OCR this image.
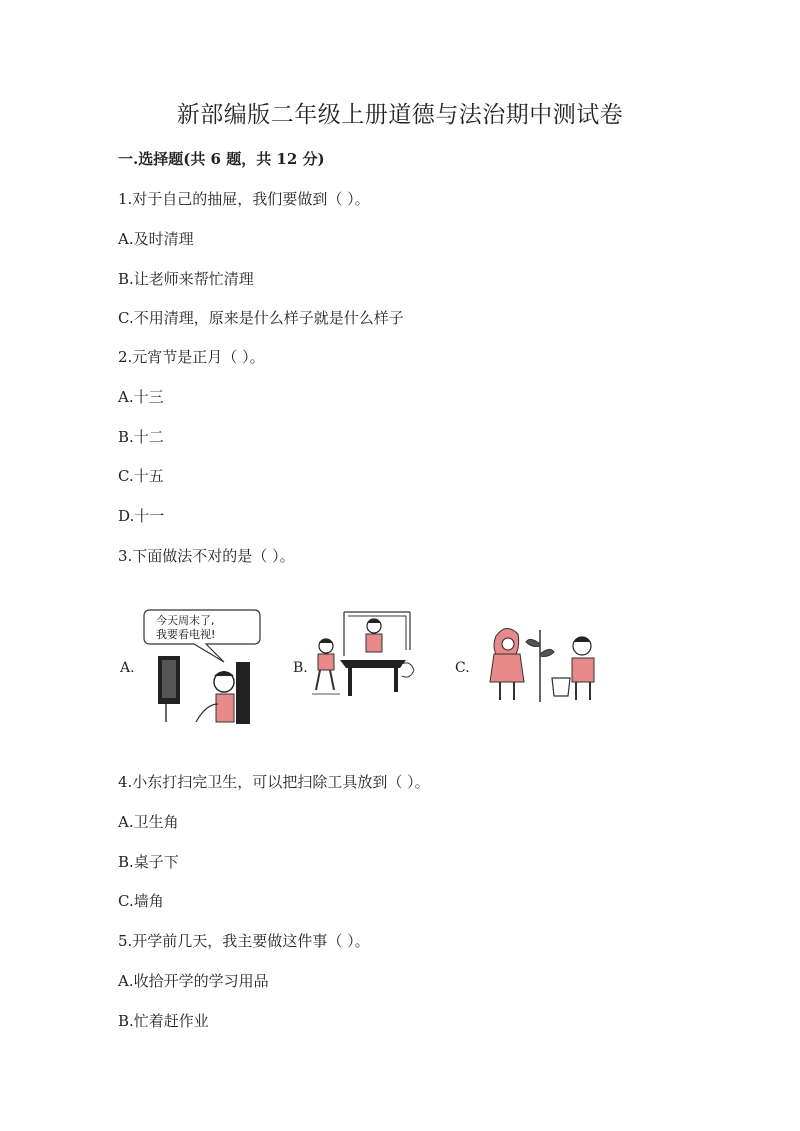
新部编版二年级上册道德与法治期中测试卷
一.选择题(共 6 题，共 12 分)
1.对于自己的抽屉，我们要做到（ ）。
A.及时清理
B.让老师来帮忙清理
C.不用清理，原来是什么样子就是什么样子
2.元宵节是正月（ ）。
A.十三
B.十二
C.十五
D.十一
3.下面做法不对的是（ ）。
A.
今天周末了,
我要看电视!
B.	C.
4.小东打扫完卫生，可以把扫除工具放到（ ）。
A.卫生角
B.桌子下
C.墙角
5.开学前几天，我主要做这件事（ ）。
A.收拾开学的学习用品
B.忙着赶作业
